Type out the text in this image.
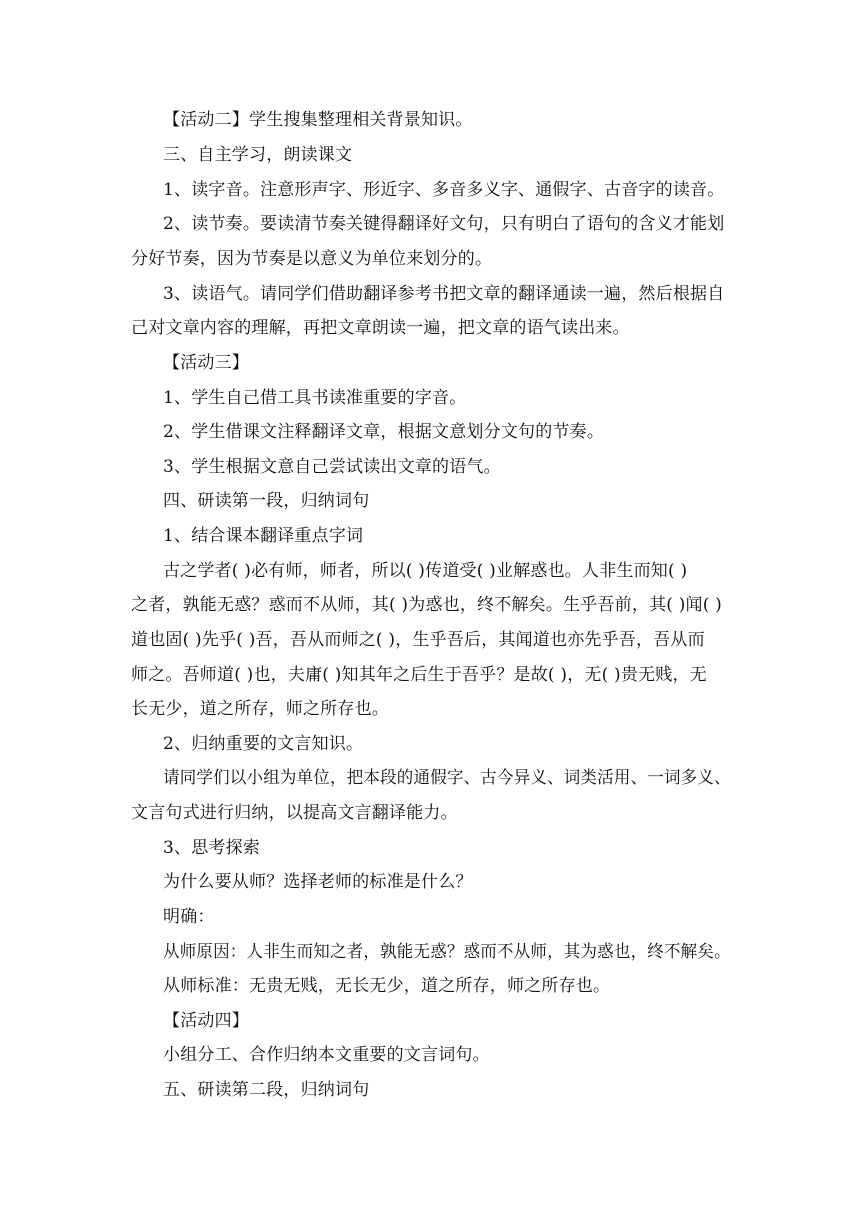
【活动二】学生搜集整理相关背景知识。
三、自主学习，朗读课文
1、读字音。注意形声字、形近字、多音多义字、通假字、古音字的读音。
2、读节奏。要读清节奏关键得翻译好文句，只有明白了语句的含义才能划
分好节奏，因为节奏是以意义为单位来划分的。
3、读语气。请同学们借助翻译参考书把文章的翻译通读一遍，然后根据自
己对文章内容的理解，再把文章朗读一遍，把文章的语气读出来。
【活动三】
1、学生自己借工具书读准重要的字音。
2、学生借课文注释翻译文章，根据文意划分文句的节奏。
3、学生根据文意自己尝试读出文章的语气。
四、研读第一段，归纳词句
1、结合课本翻译重点字词
古之学者( )必有师，师者，所以( )传道受( )业解惑也。人非生而知( )
之者，孰能无惑？惑而不从师，其( )为惑也，终不解矣。生乎吾前，其( )闻( )
道也固( )先乎( )吾，吾从而师之( )，生乎吾后，其闻道也亦先乎吾，吾从而
师之。吾师道( )也，夫庸( )知其年之后生于吾乎？是故( )，无( )贵无贱，无
长无少，道之所存，师之所存也。
2、归纳重要的文言知识。
请同学们以小组为单位，把本段的通假字、古今异义、词类活用、一词多义、
文言句式进行归纳，以提高文言翻译能力。
3、思考探索
为什么要从师？选择老师的标准是什么？
明确：
从师原因：人非生而知之者，孰能无惑？惑而不从师，其为惑也，终不解矣。
从师标准：无贵无贱，无长无少，道之所存，师之所存也。
【活动四】
小组分工、合作归纳本文重要的文言词句。
五、研读第二段，归纳词句
